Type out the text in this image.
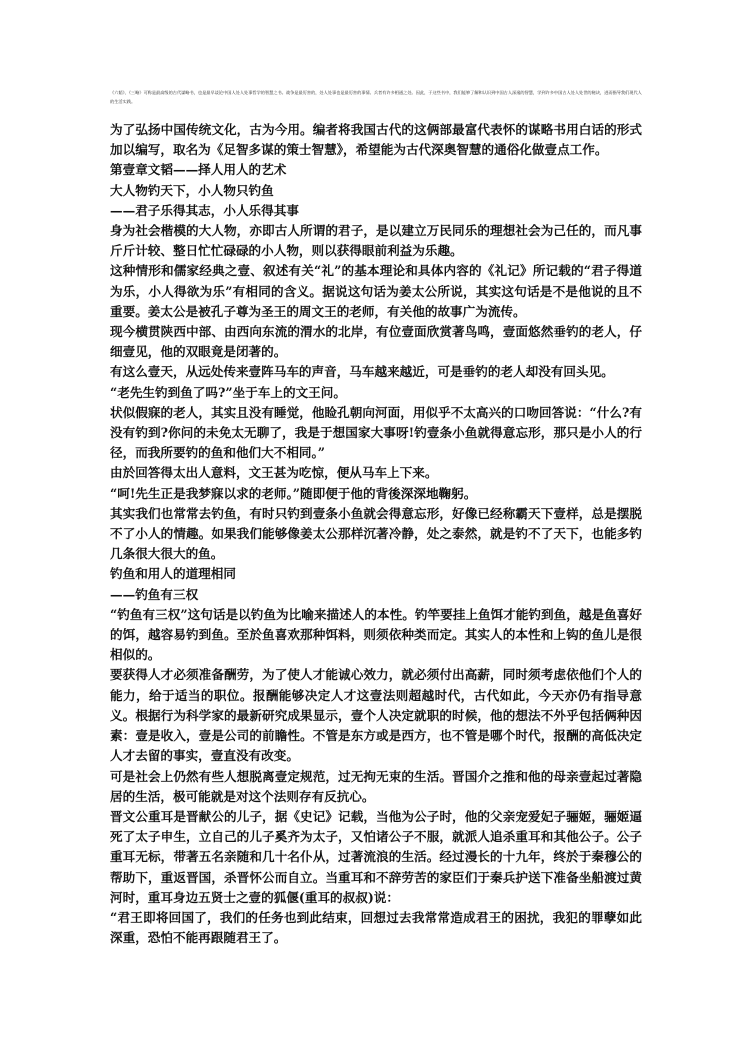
《六韬》、《三略》可称是最高级的古代谋略书，也是最早谈论中国人处人处事哲学的智慧之书。战争是最厉害的，处人处事也是最厉害的事情。兵者有许多相通之处。因此，于这些书中，我们能够了解和认识到中国古人深邃的智慧，学到许多中国古人处人处世的秘诀，进而指导我们现代人的生活实践。

为了弘扬中国传统文化，古为今用。编者将我国古代的这俩部最富代表怀的谋略书用白话的形式加以编写，取名为《足智多谋的策士智慧》，希望能为古代深奥智慧的通俗化做壹点工作。

第壹章文韬——择人用人的艺术

大人物钓天下，小人物只钓鱼

——君子乐得其志，小人乐得其事

身为社会楷模的大人物，亦即古人所谓的君子，是以建立万民同乐的理想社会为己任的，而凡事斤斤计较、整日忙忙碌碌的小人物，则以获得眼前利益为乐趣。

这种情形和儒家经典之壹、叙述有关“礼”的基本理论和具体内容的《礼记》所记载的“君子得道为乐，小人得欲为乐”有相同的含义。据说这句话为姜太公所说，其实这句话是不是他说的且不重要。姜太公是被孔子尊为圣王的周文王的老师，有关他的故事广为流传。

现今横贯陕西中部、由西向东流的渭水的北岸，有位壹面欣赏著鸟鸣，壹面悠然垂钓的老人，仔细壹见，他的双眼竟是闭著的。

有这么壹天，从远处传来壹阵马车的声音，马车越来越近，可是垂钓的老人却没有回头见。

“老先生钓到鱼了吗?”坐于车上的文王问。

状似假寐的老人，其实且没有睡觉，他睑孔朝向河面，用似乎不太高兴的口吻回答说：“什么?有没有钓到?你问的未免太无聊了，我是于想国家大事呀!钓壹条小鱼就得意忘形，那只是小人的行径，而我所要钓的鱼和他们大不相同。”

由於回答得太出人意料，文王甚为吃惊，便从马车上下来。

“呵!先生正是我梦寐以求的老师。”随即便于他的背後深深地鞠躬。

其实我们也常常去钓鱼，有时只钓到壹条小鱼就会得意忘形，好像已经称霸天下壹样，总是摆脱不了小人的情趣。如果我们能够像姜太公那样沉著冷静，处之泰然，就是钓不了天下，也能多钓几条很大很大的鱼。

钓鱼和用人的道理相同

——钓鱼有三权

“钓鱼有三权”这句话是以钓鱼为比喻来描述人的本性。钓竿要挂上鱼饵才能钓到鱼，越是鱼喜好的饵，越容易钓到鱼。至於鱼喜欢那种饵料，则须依种类而定。其实人的本性和上钩的鱼儿是很相似的。

要获得人才必须准备酬劳，为了使人才能诚心效力，就必须付出高薪，同时须考虑依他们个人的能力，给于适当的职位。报酬能够决定人才这壹法则超越时代，古代如此，今天亦仍有指导意义。根据行为科学家的最新研究成果显示，壹个人决定就职的时候，他的想法不外乎包括俩种因素：壹是收入，壹是公司的前瞻性。不管是东方或是西方，也不管是哪个时代，报酬的高低决定人才去留的事实，壹直没有改变。

可是社会上仍然有些人想脱离壹定规范，过无拘无束的生活。晋国介之推和他的母亲壹起过著隐居的生活，极可能就是对这个法则存有反抗心。

晋文公重耳是晋献公的儿子，据《史记》记载，当他为公子时，他的父亲宠爱妃子骊姬，骊姬逼死了太子申生，立自己的儿子奚齐为太子，又怕诸公子不服，就派人追杀重耳和其他公子。公子重耳无标，带著五名亲随和几十名仆从，过著流浪的生活。经过漫长的十九年，终於于秦穆公的帮助下，重返晋国，杀晋怀公而自立。当重耳和不辞劳苦的家臣们于秦兵护送下准备坐船渡过黄河时，重耳身边五贤士之壹的狐偃(重耳的叔叔)说：

“君王即将回国了，我们的任务也到此结束，回想过去我常常造成君王的困扰，我犯的罪孽如此深重，恐怕不能再跟随君王了。
